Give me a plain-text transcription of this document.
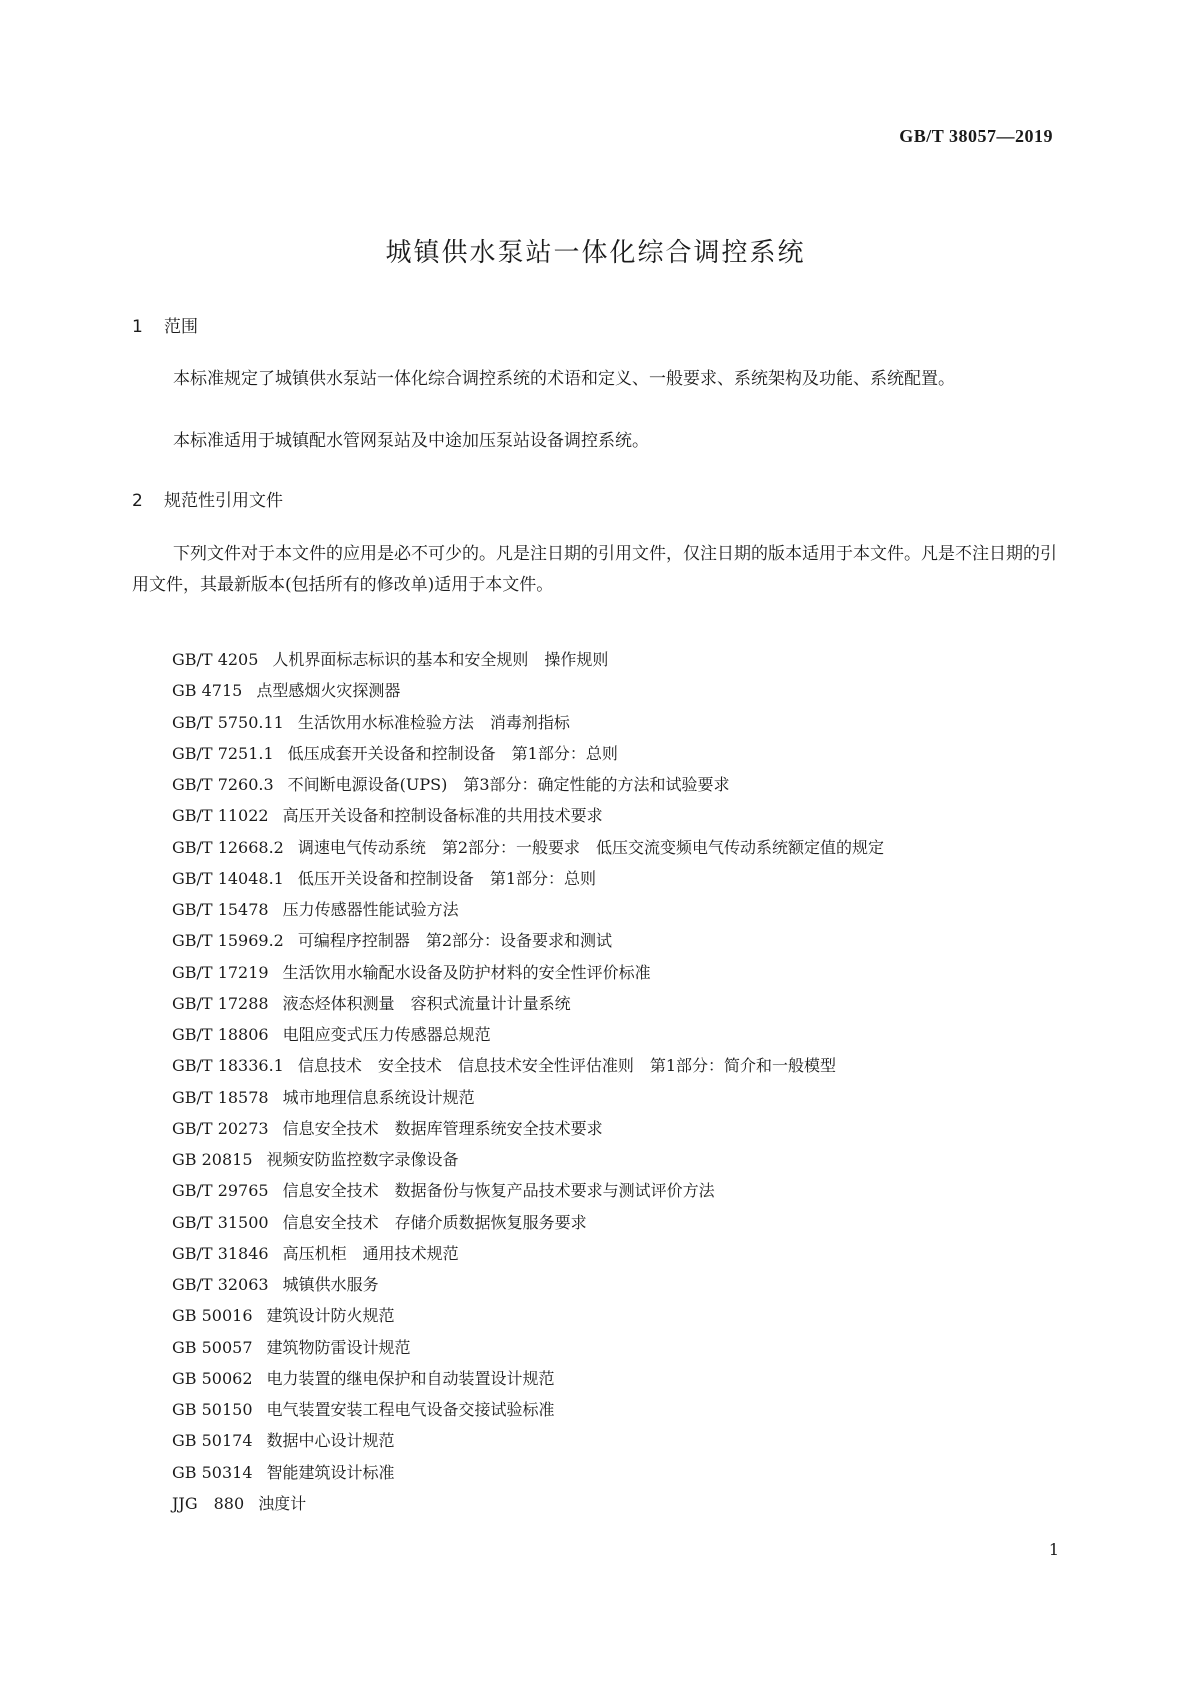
GB/T 38057—2019
城镇供水泵站一体化综合调控系统
1 范围

本标准规定了城镇供水泵站一体化综合调控系统的术语和定义、一般要求、系统架构及功能、系统配置。

本标准适用于城镇配水管网泵站及中途加压泵站设备调控系统。

2 规范性引用文件

下列文件对于本文件的应用是必不可少的。凡是注日期的引用文件，仅注日期的版本适用于本文件。凡是不注日期的引用文件，其最新版本(包括所有的修改单)适用于本文件。

GB/T 4205 人机界面标志标识的基本和安全规则　操作规则
GB 4715 点型感烟火灾探测器
GB/T 5750.11 生活饮用水标准检验方法　消毒剂指标
GB/T 7251.1 低压成套开关设备和控制设备　第1部分：总则
GB/T 7260.3 不间断电源设备(UPS)　第3部分：确定性能的方法和试验要求
GB/T 11022 高压开关设备和控制设备标准的共用技术要求
GB/T 12668.2 调速电气传动系统　第2部分：一般要求　低压交流变频电气传动系统额定值的规定
GB/T 14048.1 低压开关设备和控制设备　第1部分：总则
GB/T 15478 压力传感器性能试验方法
GB/T 15969.2 可编程序控制器　第2部分：设备要求和测试
GB/T 17219 生活饮用水输配水设备及防护材料的安全性评价标准
GB/T 17288 液态烃体积测量　容积式流量计计量系统
GB/T 18806 电阻应变式压力传感器总规范
GB/T 18336.1 信息技术　安全技术　信息技术安全性评估准则　第1部分：简介和一般模型
GB/T 18578 城市地理信息系统设计规范
GB/T 20273 信息安全技术　数据库管理系统安全技术要求
GB 20815 视频安防监控数字录像设备
GB/T 29765 信息安全技术　数据备份与恢复产品技术要求与测试评价方法
GB/T 31500 信息安全技术　存储介质数据恢复服务要求
GB/T 31846 高压机柜　通用技术规范
GB/T 32063 城镇供水服务
GB 50016 建筑设计防火规范
GB 50057 建筑物防雷设计规范
GB 50062 电力装置的继电保护和自动装置设计规范
GB 50150 电气装置安装工程电气设备交接试验标准
GB 50174 数据中心设计规范
GB 50314 智能建筑设计标准
JJG　880 浊度计
1
